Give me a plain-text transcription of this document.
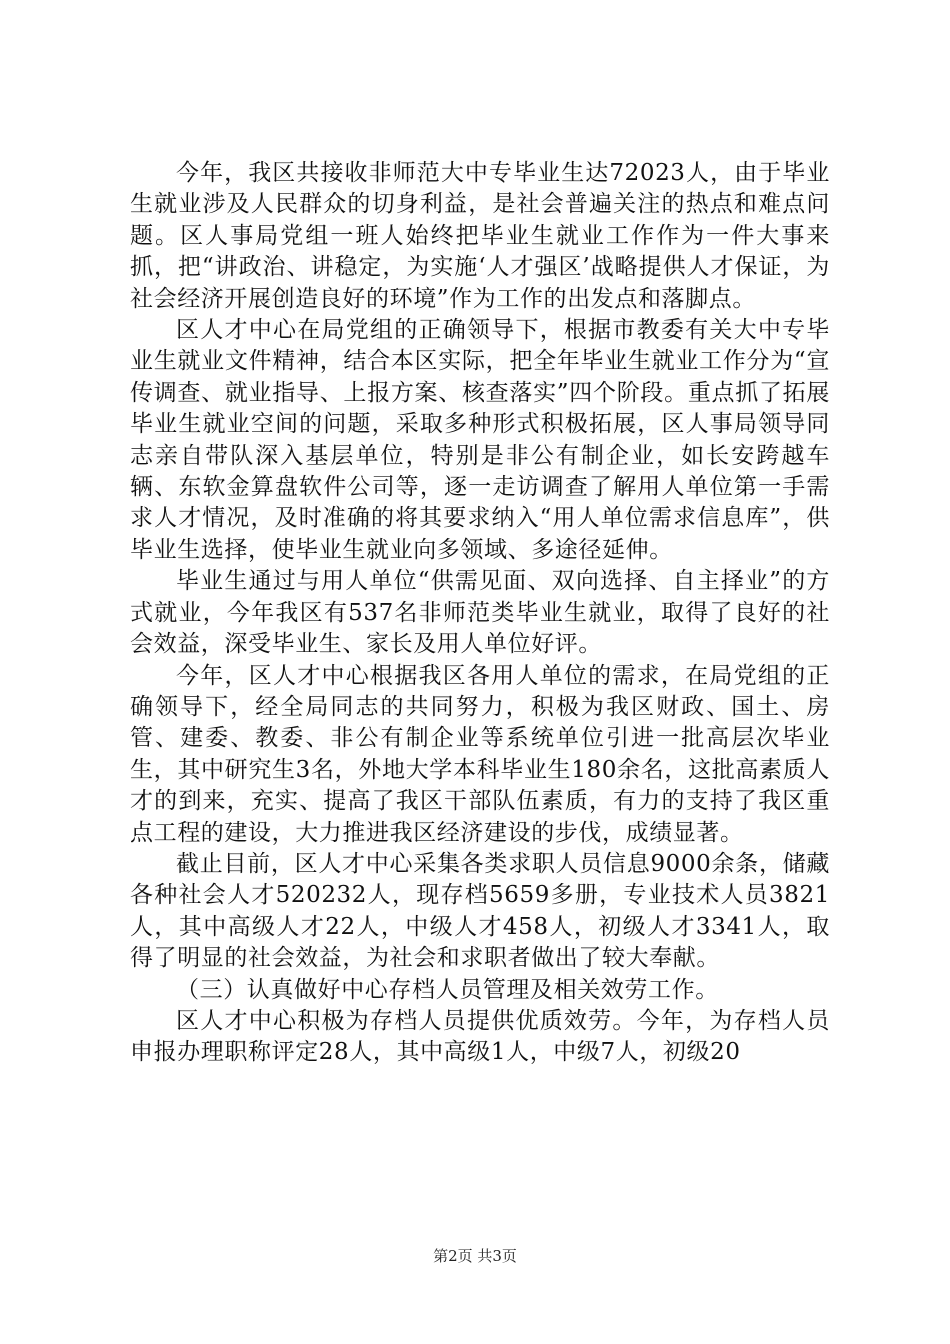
今年，我区共接收非师范大中专毕业生达72023人，由于毕业生就业涉及人民群众的切身利益，是社会普遍关注的热点和难点问题。区人事局党组一班人始终把毕业生就业工作作为一件大事来抓，把“讲政治、讲稳定，为实施‘人才强区’战略提供人才保证，为社会经济开展创造良好的环境”作为工作的出发点和落脚点。

区人才中心在局党组的正确领导下，根据市教委有关大中专毕业生就业文件精神，结合本区实际，把全年毕业生就业工作分为“宣传调查、就业指导、上报方案、核查落实”四个阶段。重点抓了拓展毕业生就业空间的问题，采取多种形式积极拓展，区人事局领导同志亲自带队深入基层单位，特别是非公有制企业，如长安跨越车辆、东软金算盘软件公司等，逐一走访调查了解用人单位第一手需求人才情况，及时准确的将其要求纳入“用人单位需求信息库”，供毕业生选择，使毕业生就业向多领域、多途径延伸。

毕业生通过与用人单位“供需见面、双向选择、自主择业”的方式就业，今年我区有537名非师范类毕业生就业，取得了良好的社会效益，深受毕业生、家长及用人单位好评。

今年，区人才中心根据我区各用人单位的需求，在局党组的正确领导下，经全局同志的共同努力，积极为我区财政、国土、房管、建委、教委、非公有制企业等系统单位引进一批高层次毕业生，其中研究生3名，外地大学本科毕业生180余名，这批高素质人才的到来，充实、提高了我区干部队伍素质，有力的支持了我区重点工程的建设，大力推进我区经济建设的步伐，成绩显著。

截止目前，区人才中心采集各类求职人员信息9000余条，储藏各种社会人才520232人，现存档5659多册，专业技术人员3821人，其中高级人才22人，中级人才458人，初级人才3341人，取得了明显的社会效益，为社会和求职者做出了较大奉献。

（三）认真做好中心存档人员管理及相关效劳工作。

区人才中心积极为存档人员提供优质效劳。今年，为存档人员申报办理职称评定28人，其中高级1人，中级7人，初级20

第2页 共3页
